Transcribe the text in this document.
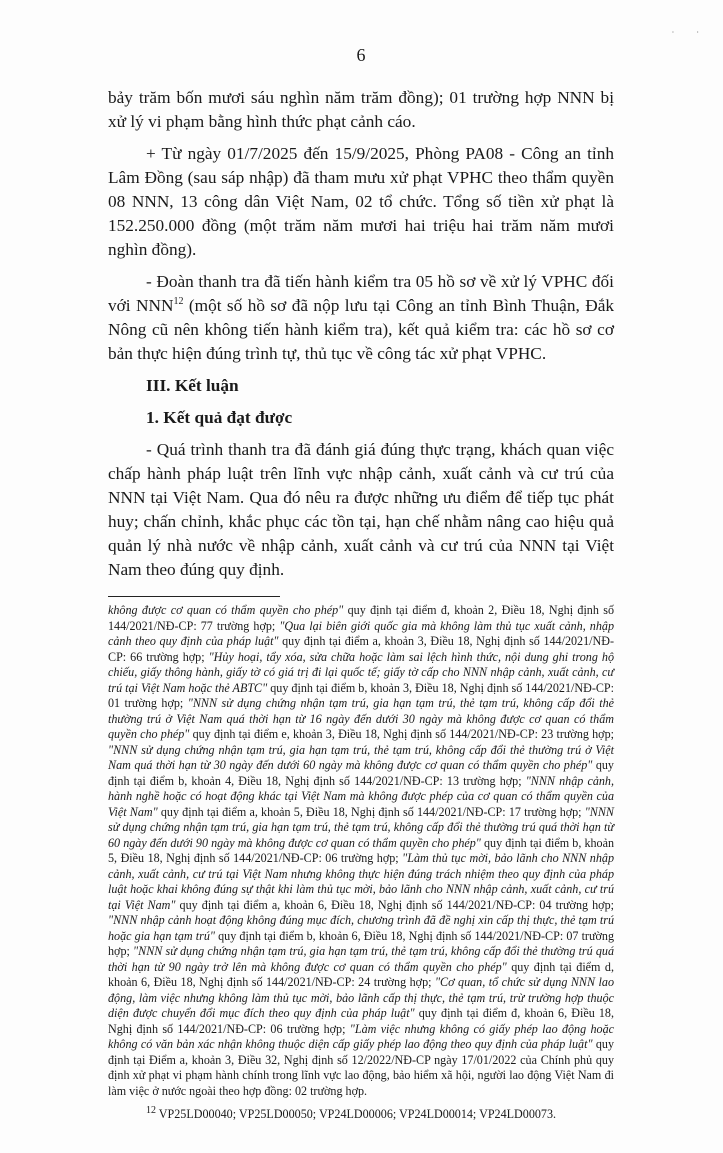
· ·
6

bảy trăm bốn mươi sáu nghìn năm trăm đồng); 01 trường hợp NNN bị xử lý vi phạm bằng hình thức phạt cảnh cáo.

+ Từ ngày 01/7/2025 đến 15/9/2025, Phòng PA08 - Công an tỉnh Lâm Đồng (sau sáp nhập) đã tham mưu xử phạt VPHC theo thẩm quyền 08 NNN, 13 công dân Việt Nam, 02 tổ chức. Tổng số tiền xử phạt là 152.250.000 đồng (một trăm năm mươi hai triệu hai trăm năm mươi nghìn đồng).

- Đoàn thanh tra đã tiến hành kiểm tra 05 hồ sơ về xử lý VPHC đối với NNN$^{12}$ (một số hồ sơ đã nộp lưu tại Công an tỉnh Bình Thuận, Đắk Nông cũ nên không tiến hành kiểm tra), kết quả kiểm tra: các hồ sơ cơ bản thực hiện đúng trình tự, thủ tục về công tác xử phạt VPHC.

III. Kết luận

1. Kết quả đạt được

- Quá trình thanh tra đã đánh giá đúng thực trạng, khách quan việc chấp hành pháp luật trên lĩnh vực nhập cảnh, xuất cảnh và cư trú của NNN tại Việt Nam. Qua đó nêu ra được những ưu điểm để tiếp tục phát huy; chấn chỉnh, khắc phục các tồn tại, hạn chế nhằm nâng cao hiệu quả quản lý nhà nước về nhập cảnh, xuất cảnh và cư trú của NNN tại Việt Nam theo đúng quy định.

không được cơ quan có thẩm quyền cho phép" quy định tại điểm đ, khoản 2, Điều 18, Nghị định số 144/2021/NĐ-CP: 77 trường hợp; "Qua lại biên giới quốc gia mà không làm thủ tục xuất cảnh, nhập cảnh theo quy định của pháp luật" quy định tại điểm a, khoản 3, Điều 18, Nghị định số 144/2021/NĐ-CP: 66 trường hợp; "Hủy hoại, tẩy xóa, sửa chữa hoặc làm sai lệch hình thức, nội dung ghi trong hộ chiếu, giấy thông hành, giấy tờ có giá trị đi lại quốc tế; giấy tờ cấp cho NNN nhập cảnh, xuất cảnh, cư trú tại Việt Nam hoặc thẻ ABTC" quy định tại điểm b, khoản 3, Điều 18, Nghị định số 144/2021/NĐ-CP: 01 trường hợp; "NNN sử dụng chứng nhận tạm trú, gia hạn tạm trú, thẻ tạm trú, không cấp đổi thẻ thường trú ở Việt Nam quá thời hạn từ 16 ngày đến dưới 30 ngày mà không được cơ quan có thẩm quyền cho phép" quy định tại điểm e, khoản 3, Điều 18, Nghị định số 144/2021/NĐ-CP: 23 trường hợp; "NNN sử dụng chứng nhận tạm trú, gia hạn tạm trú, thẻ tạm trú, không cấp đổi thẻ thường trú ở Việt Nam quá thời hạn từ 30 ngày đến dưới 60 ngày mà không được cơ quan có thẩm quyền cho phép" quy định tại điểm b, khoản 4, Điều 18, Nghị định số 144/2021/NĐ-CP: 13 trường hợp; "NNN nhập cảnh, hành nghề hoặc có hoạt động khác tại Việt Nam mà không được phép của cơ quan có thẩm quyền của Việt Nam" quy định tại điểm a, khoản 5, Điều 18, Nghị định số 144/2021/NĐ-CP: 17 trường hợp; "NNN sử dụng chứng nhận tạm trú, gia hạn tạm trú, thẻ tạm trú, không cấp đổi thẻ thường trú quá thời hạn từ 60 ngày đến dưới 90 ngày mà không được cơ quan có thẩm quyền cho phép" quy định tại điểm b, khoản 5, Điều 18, Nghị định số 144/2021/NĐ-CP: 06 trường hợp; "Làm thủ tục mời, bảo lãnh cho NNN nhập cảnh, xuất cảnh, cư trú tại Việt Nam nhưng không thực hiện đúng trách nhiệm theo quy định của pháp luật hoặc khai không đúng sự thật khi làm thủ tục mời, bảo lãnh cho NNN nhập cảnh, xuất cảnh, cư trú tại Việt Nam" quy định tại điểm a, khoản 6, Điều 18, Nghị định số 144/2021/NĐ-CP: 04 trường hợp; "NNN nhập cảnh hoạt động không đúng mục đích, chương trình đã đề nghị xin cấp thị thực, thẻ tạm trú hoặc gia hạn tạm trú" quy định tại điểm b, khoản 6, Điều 18, Nghị định số 144/2021/NĐ-CP: 07 trường hợp; "NNN sử dụng chứng nhận tạm trú, gia hạn tạm trú, thẻ tạm trú, không cấp đổi thẻ thường trú quá thời hạn từ 90 ngày trở lên mà không được cơ quan có thẩm quyền cho phép" quy định tại điểm d, khoản 6, Điều 18, Nghị định số 144/2021/NĐ-CP: 24 trường hợp; "Cơ quan, tổ chức sử dụng NNN lao động, làm việc nhưng không làm thủ tục mời, bảo lãnh cấp thị thực, thẻ tạm trú, trừ trường hợp thuộc diện được chuyển đổi mục đích theo quy định của pháp luật" quy định tại điểm đ, khoản 6, Điều 18, Nghị định số 144/2021/NĐ-CP: 06 trường hợp; "Làm việc nhưng không có giấy phép lao động hoặc không có văn bản xác nhận không thuộc diện cấp giấy phép lao động theo quy định của pháp luật" quy định tại Điểm a, khoản 3, Điều 32, Nghị định số 12/2022/NĐ-CP ngày 17/01/2022 của Chính phủ quy định xử phạt vi phạm hành chính trong lĩnh vực lao động, bảo hiểm xã hội, người lao động Việt Nam đi làm việc ở nước ngoài theo hợp đồng: 02 trường hợp.

$^{12}$ VP25LD00040; VP25LD00050; VP24LD00006; VP24LD00014; VP24LD00073.
